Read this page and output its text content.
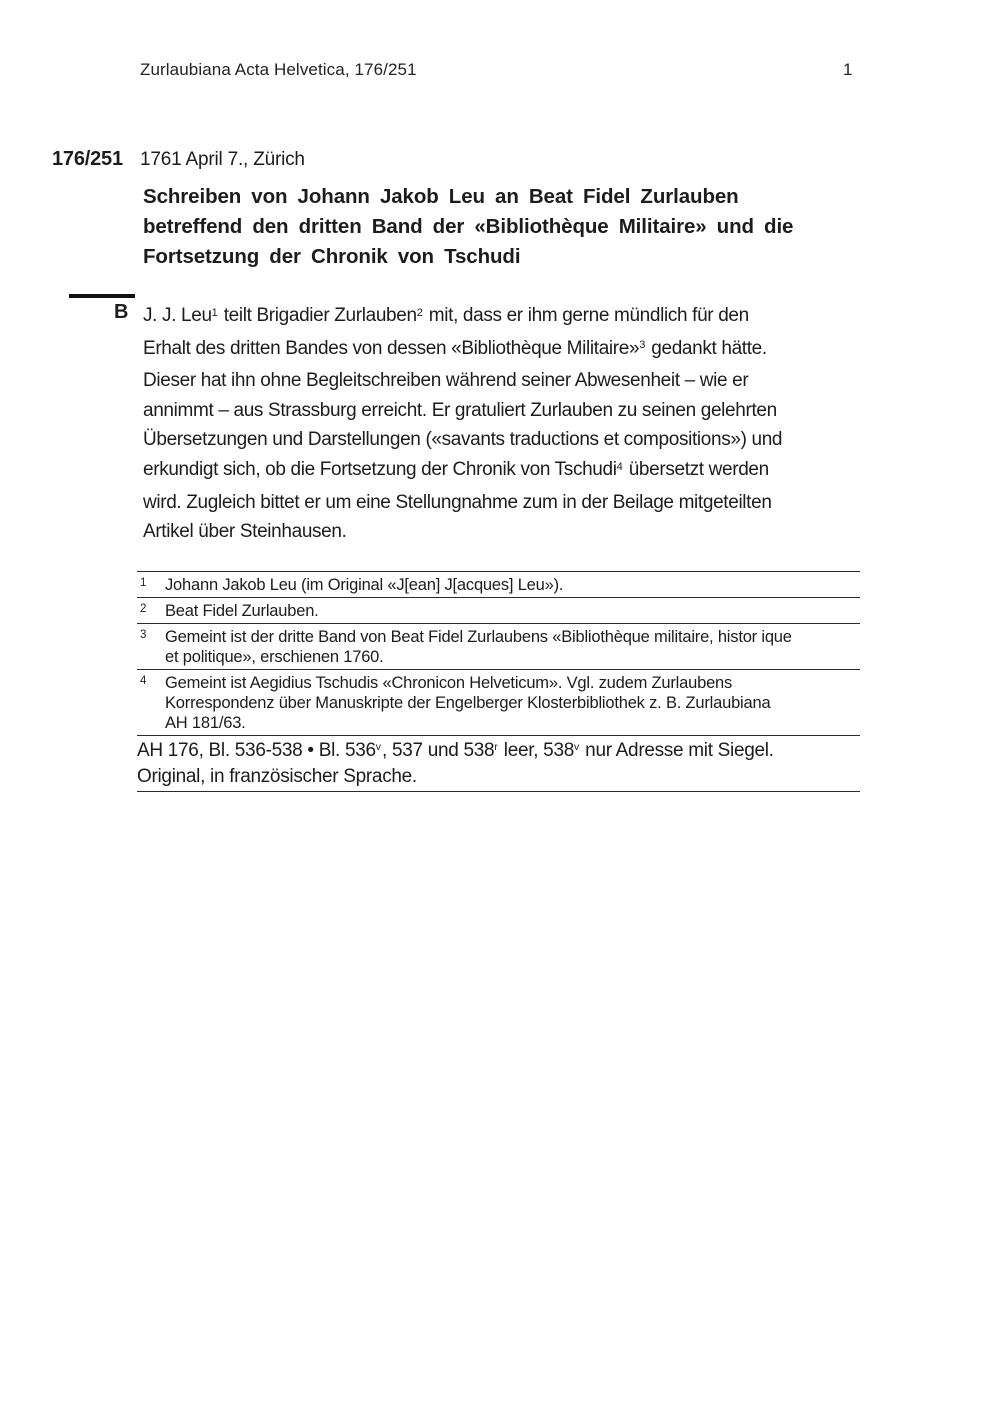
Zurlaubiana Acta Helvetica, 176/251	1
176/251 1761 April 7., Zürich
Schreiben von Johann Jakob Leu an Beat Fidel Zurlauben
betreffend den dritten Band der «Bibliothèque Militaire» und die
Fortsetzung der Chronik von Tschudi
B J. J. Leu$^1$ teilt Brigadier Zurlauben$^2$ mit, dass er ihm gerne mündlich für den
Erhalt des dritten Bandes von dessen «Bibliothèque Militaire»$^3$ gedankt hätte.
Dieser hat ihn ohne Begleitschreiben während seiner Abwesenheit – wie er
annimmt – aus Strassburg erreicht. Er gratuliert Zurlauben zu seinen gelehrten
Übersetzungen und Darstellungen («savants traductions et compositions») und
erkundigt sich, ob die Fortsetzung der Chronik von Tschudi$^4$ übersetzt werden
wird. Zugleich bittet er um eine Stellungnahme zum in der Beilage mitgeteilten
Artikel über Steinhausen.
1	Johann Jakob Leu (im Original «J[ean] J[acques] Leu»).
2	Beat Fidel Zurlauben.
3	Gemeint ist der dritte Band von Beat Fidel Zurlaubens «Bibliothèque militaire, histor ique
et politique», erschienen 1760.
4	Gemeint ist Aegidius Tschudis «Chronicon Helveticum». Vgl. zudem Zurlaubens
Korrespondenz über Manuskripte der Engelberger Klosterbibliothek z. B. Zurlaubiana
AH 181/63.
AH 176, Bl. 536-538 • Bl. 536$^v$, 537 und 538$^r$ leer, 538$^v$ nur Adresse mit Siegel.
Original, in französischer Sprache.
